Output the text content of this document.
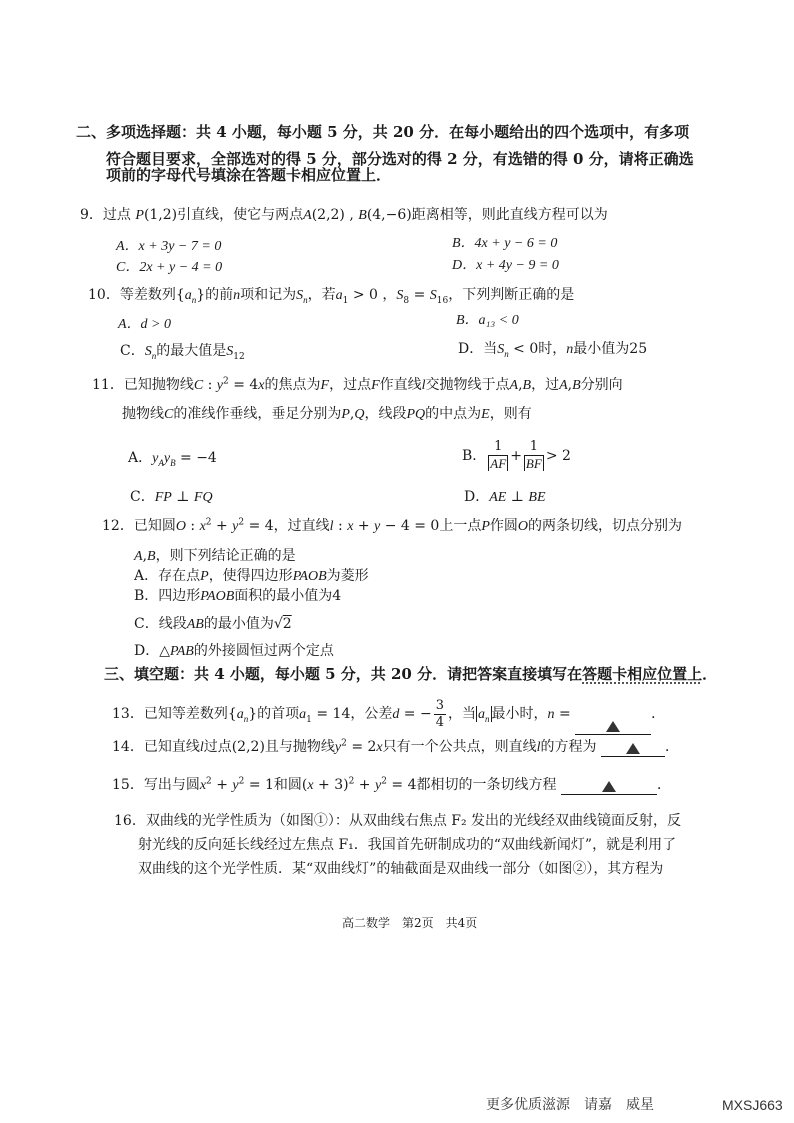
二、多项选择题：共 4 小题，每小题 5 分，共 20 分．在每小题给出的四个选项中，有多项
符合题目要求，全部选对的得 5 分，部分选对的得 2 分，有选错的得 0 分，请将正确选
项前的字母代号填涂在答题卡相应位置上．
9．过点 P(1,2)引直线，使它与两点A(2,2) , B(4,−6)距离相等，则此直线方程可以为
A．x + 3y − 7 = 0	B．4x + y − 6 = 0
C．2x + y − 4 = 0	D．x + 4y − 9 = 0
10．等差数列$\{a_n\}$的前n项和记为$S_n$，若$a_1 > 0$ ，$S_8 = S_{16}$，下列判断正确的是
A．d > 0	B．a₁₃ < 0
C．$S_n$的最大值是$S_{12}$	D．当$S_n < 0$时，n最小值为25
11．已知抛物线C : $y^2 = 4x$的焦点为F，过点F作直线l交抛物线于点A,B，过A,B分别向
抛物线C的准线作垂线，垂足分别为P,Q，线段PQ的中点为E，则有
A．$y_Ay_B = -4$	B． $\frac{1}{AF} + \frac{1}{BF} > 2$
C．FP ⊥ FQ	D．AE ⊥ BE
12．已知圆O : $x^2 + y^2 = 4$，过直线l : x + y − 4 = 0上一点P作圆O的两条切线，切点分别为
A,B，则下列结论正确的是
A．存在点P，使得四边形PAOB为菱形
B．四边形PAOB面积的最小值为4
C．线段AB的最小值为√2
D．△PAB的外接圆恒过两个定点
三、填空题：共 4 小题，每小题 5 分，共 20 分．请把答案直接填写在答题卡相应位置上．
13．已知等差数列$\{a_n\}$的首项$a_1 = 14$，公差d = − $\frac{3}{4}$ ，当 $a_n$ 最小时，n =	．
14．已知直线l过点(2,2)且与抛物线$y^2 = 2x$只有一个公共点，则直线l的方程为	．
15．写出与圆$x^2 + y^2 = 1$和圆$(x + 3)^2 + y^2 = 4$都相切的一条切线方程	．
16．双曲线的光学性质为（如图①）：从双曲线右焦点 F₂ 发出的光线经双曲线镜面反射，反
射光线的反向延长线经过左焦点 F₁．我国首先研制成功的“双曲线新闻灯”，就是利用了
双曲线的这个光学性质．某“双曲线灯”的轴截面是双曲线一部分（如图②），其方程为
高二数学　第2页　共4页
更多优质滋源　请嘉　威星	MXSJ663
